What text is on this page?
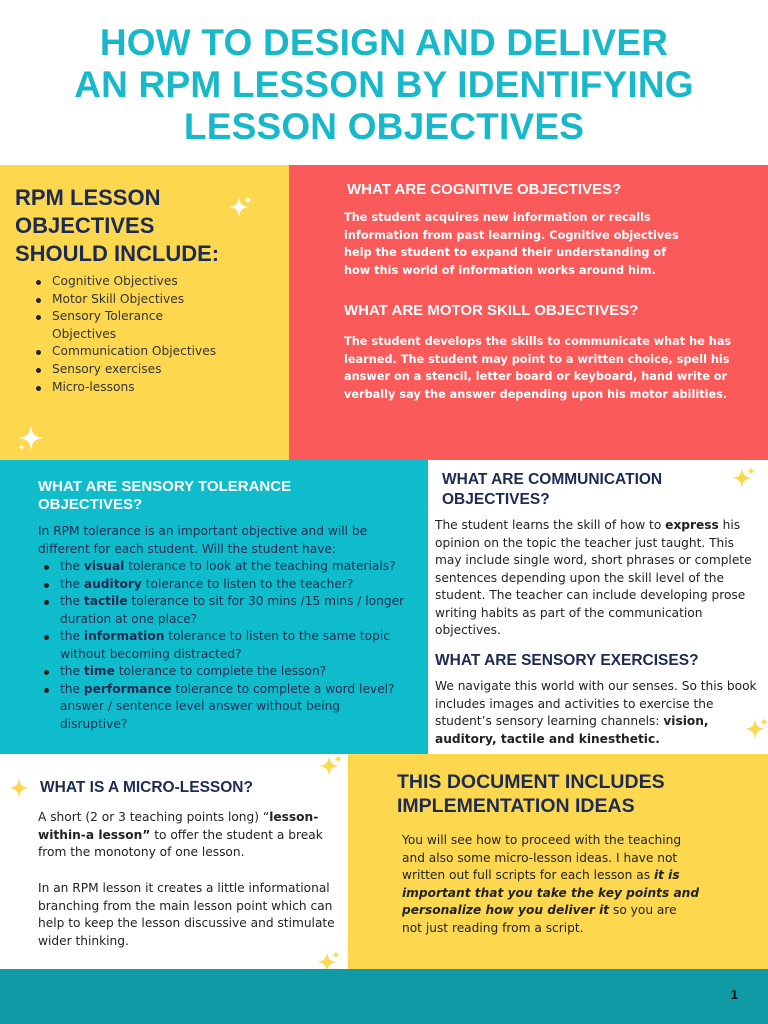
HOW TO DESIGN AND DELIVER
AN RPM LESSON BY IDENTIFYING
LESSON OBJECTIVES
RPM LESSON
OBJECTIVES
SHOULD INCLUDE:
Cognitive Objectives
Motor Skill Objectives
Sensory Tolerance Objectives
Communication Objectives
Sensory exercises
Micro-lessons
WHAT ARE COGNITIVE OBJECTIVES?
The student acquires new information or recalls information from past learning. Cognitive objectives help the student to expand their understanding of how this world of information works around him.
WHAT ARE MOTOR SKILL OBJECTIVES?
The student develops the skills to communicate what he has learned. The student may point to a written choice, spell his answer on a stencil, letter board or keyboard, hand write or verbally say the answer depending upon his motor abilities.
WHAT ARE SENSORY TOLERANCE
OBJECTIVES?
In RPM tolerance is an important objective and will be different for each student. Will the student have:
the visual tolerance to look at the teaching materials?
the auditory tolerance to listen to the teacher?
the tactile tolerance to sit for 30 mins /15 mins / longer duration at one place?
the information tolerance to listen to the same topic without becoming distracted?
the time tolerance to complete the lesson?
the performance tolerance to complete a word level? answer / sentence level answer without being disruptive?
WHAT ARE COMMUNICATION
OBJECTIVES?
The student learns the skill of how to express his opinion on the topic the teacher just taught. This may include single word, short phrases or complete sentences depending upon the skill level of the student. The teacher can include developing prose writing habits as part of the communication objectives.
WHAT ARE SENSORY EXERCISES?
We navigate this world with our senses. So this book includes images and activities to exercise the student’s sensory learning channels: vision, auditory, tactile and kinesthetic.
WHAT IS A MICRO-LESSON?
A short (2 or 3 teaching points long) “lesson-within-a lesson” to offer the student a break from the monotony of one lesson.
In an RPM lesson it creates a little informational branching from the main lesson point which can help to keep the lesson discussive and stimulate wider thinking.
THIS DOCUMENT INCLUDES
IMPLEMENTATION IDEAS
You will see how to proceed with the teaching and also some micro-lesson ideas. I have not written out full scripts for each lesson as it is important that you take the key points and personalize how you deliver it so you are not just reading from a script.
1
